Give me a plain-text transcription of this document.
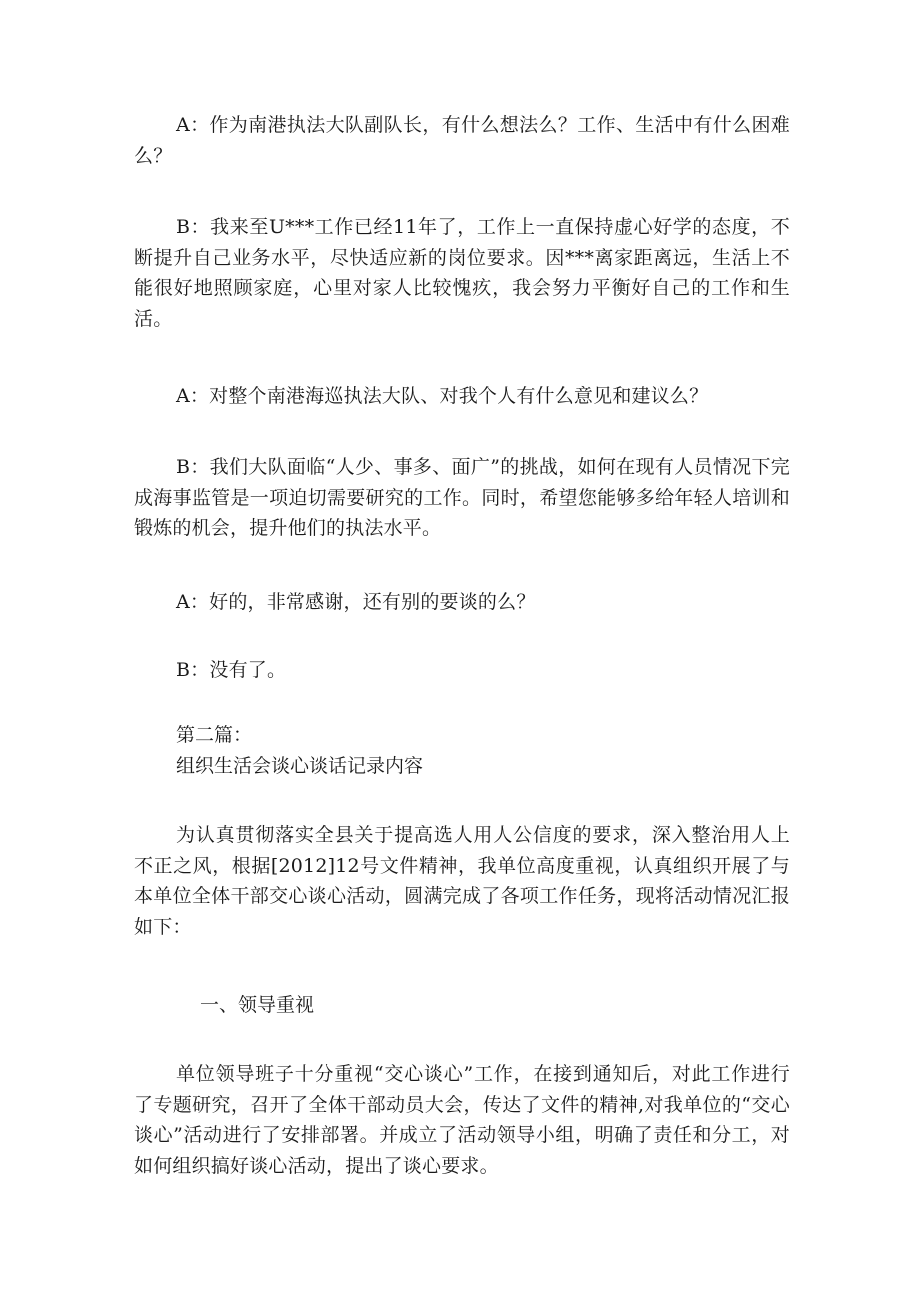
A：作为南港执法大队副队长，有什么想法么？工作、生活中有什么困难么？

B：我来至U***工作已经11年了，工作上一直保持虚心好学的态度，不断提升自己业务水平，尽快适应新的岗位要求。因***离家距离远，生活上不能很好地照顾家庭，心里对家人比较愧疚，我会努力平衡好自己的工作和生活。

A：对整个南港海巡执法大队、对我个人有什么意见和建议么？

B：我们大队面临“人少、事多、面广”的挑战，如何在现有人员情况下完成海事监管是一项迫切需要研究的工作。同时，希望您能够多给年轻人培训和锻炼的机会，提升他们的执法水平。

A：好的，非常感谢，还有别的要谈的么？

B：没有了。

第二篇：

组织生活会谈心谈话记录内容

为认真贯彻落实全县关于提高选人用人公信度的要求，深入整治用人上不正之风，根据[2012]12号文件精神，我单位高度重视，认真组织开展了与本单位全体干部交心谈心活动，圆满完成了各项工作任务，现将活动情况汇报如下：

一、领导重视

单位领导班子十分重视“交心谈心”工作，在接到通知后，对此工作进行了专题研究，召开了全体干部动员大会，传达了文件的精神,对我单位的“交心谈心”活动进行了安排部署。并成立了活动领导小组，明确了责任和分工，对如何组织搞好谈心活动，提出了谈心要求。
